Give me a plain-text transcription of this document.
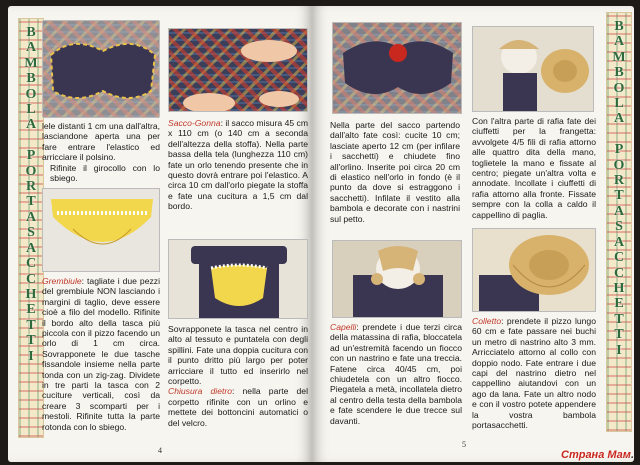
B
A
M
B
O
L
A

P
O
R
T
A
S
A
C
C
H
E
T
T
I
lele distanti 1 cm una dall'altra, lasciandone aperta una per fare entrare l'elastico ed arricciare il polsino.
Rifinite il girocollo con lo sbiego.
Grembiule: tagliate i due pezzi del grembiule NON lasciando i margini di taglio, deve essere cioè a filo del modello. Rifinite il bordo alto della tasca più piccola con il pizzo facendo un orlo di 1 cm circa. Sovrapponete le due tasche fissandole insieme nella parte tonda con un zig-zag. Dividete in tre parti la tasca con 2 cuciture verticali, così da creare 3 scomparti per i mestoli. Rifinite tutta la parte rotonda con lo sbiego.
Sacco-Gonna: il sacco misura 45 cm x 110 cm (o 140 cm a seconda dell'altezza della stoffa). Nella parte bassa della tela (lunghezza 110 cm) fate un orlo tenendo presente che in questo dovrà entrare poi l'elastico. A circa 10 cm dall'orlo piegate la stoffa e fate una cucitura a 1,5 cm dal bordo.
Sovrapponete la tasca nel centro in alto al tessuto e puntatela con degli spillini. Fate una doppia cucitura con il punto dritto più largo per poter arricciare il tutto ed inserirlo nel corpetto.
Chiusura dietro: nella parte del corpetto rifinite con un orlino e mettete dei bottoncini automatici o del velcro.
4
Nella parte del sacco partendo dall'alto fate così: cucite 10 cm; lasciate aperto 12 cm (per infilare i sacchetti) e chiudete fino all'orlino. Inserite poi circa 20 cm di elastico nell'orlo in fondo (è il punto da dove si estraggono i sacchetti). Infilate il vestito alla bambola e decorate con i nastrini sul petto.
Capelli: prendete i due terzi circa della matassina di rafia, bloccatela ad un'estremità facendo un fiocco con un nastrino e fate una treccia. Fatene circa 40/45 cm, poi chiudetela con un altro fiocco. Piegatela a metà, incollatela dietro al centro della testa della bambola e fate scendere le due trecce sul davanti.
Con l'altra parte di rafia fate dei ciuffetti per la frangetta: avvolgete 4/5 fili di rafia attorno alle quattro dita della mano, toglietele la mano e fissate al centro; piegate un'altra volta e annodate. Incollate i ciuffetti di rafia attorno alla fronte. Fissate sempre con la colla a caldo il cappellino di paglia.
Colletto: prendete il pizzo lungo 60 cm e fate passare nei buchi un metro di nastrino alto 3 mm. Arricciatelo attorno al collo con doppio nodo. Fate entrare i due capi del nastrino dietro nel cappellino aiutandovi con un ago da lana. Fate un altro nodo e con il vostro potete appendere la vostra bambola portasacchetti.
5
B
A
M
B
O
L
A

P
O
R
T
A
S
A
C
C
H
E
T
T
I
Страна Мам.
